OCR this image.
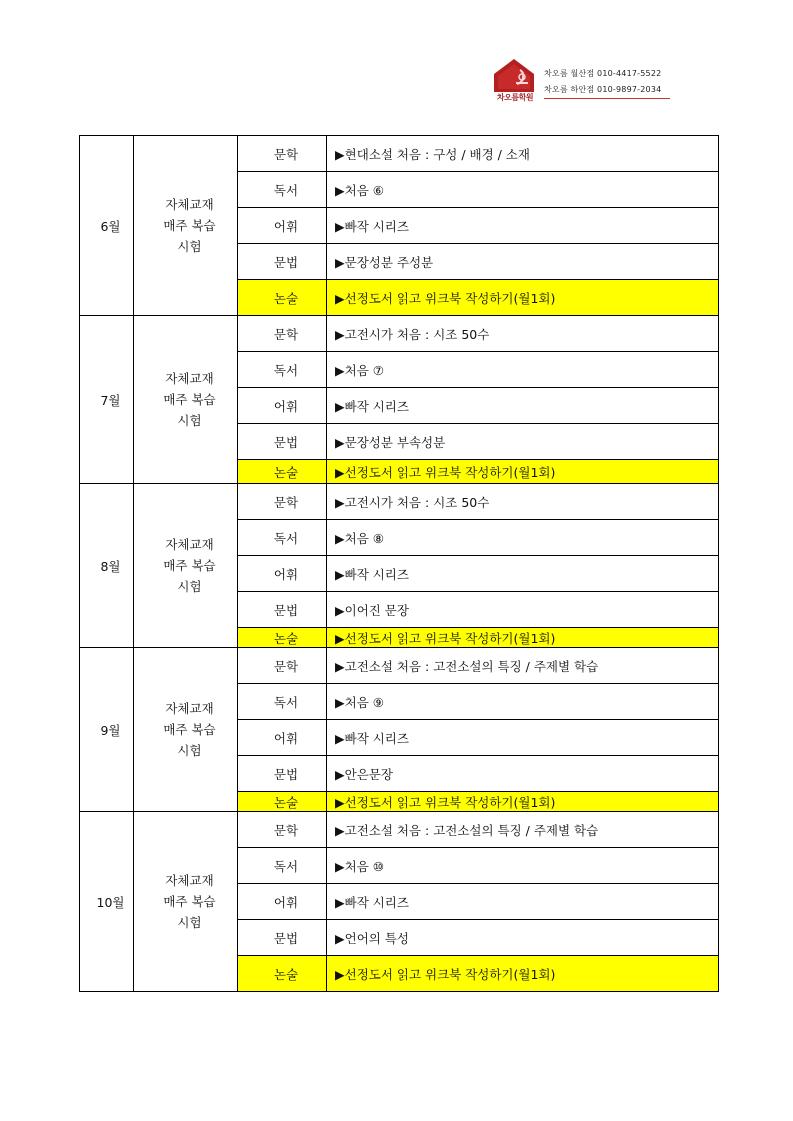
차오름학원
차오름 월산점 010-4417-5522
차오름 하안점 010-9897-2034
6월	자체교재
매주 복습
시험	문학	▶현대소설 처음 : 구성 / 배경 / 소재
		독서	▶처음 ⑥
		어휘	▶빠작 시리즈
		문법	▶문장성분 주성분
		논술	▶선정도서 읽고 위크북 작성하기(월1회)
7월	자체교재
매주 복습
시험	문학	▶고전시가 처음 : 시조 50수
		독서	▶처음 ⑦
		어휘	▶빠작 시리즈
		문법	▶문장성분 부속성분
		논술	▶선정도서 읽고 위크북 작성하기(월1회)
8월	자체교재
매주 복습
시험	문학	▶고전시가 처음 : 시조 50수
		독서	▶처음 ⑧
		어휘	▶빠작 시리즈
		문법	▶이어진 문장
		논술	▶선정도서 읽고 위크북 작성하기(월1회)
9월	자체교재
매주 복습
시험	문학	▶고전소설 처음 : 고전소설의 특징 / 주제별 학습
		독서	▶처음 ⑨
		어휘	▶빠작 시리즈
		문법	▶안은문장
		논술	▶선정도서 읽고 위크북 작성하기(월1회)
10월	자체교재
매주 복습
시험	문학	▶고전소설 처음 : 고전소설의 특징 / 주제별 학습
		독서	▶처음 ⑩
		어휘	▶빠작 시리즈
		문법	▶언어의 특성
		논술	▶선정도서 읽고 위크북 작성하기(월1회)
